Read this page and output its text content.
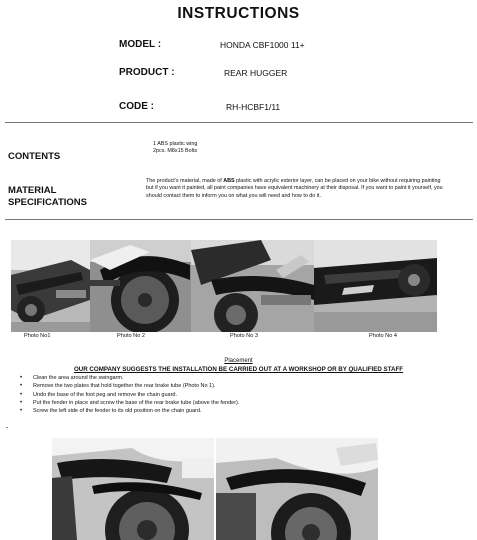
INSTRUCTIONS
MODEL :	HONDA CBF1000 11+
PRODUCT :	REAR HUGGER
CODE :	RH-HCBF1/11
CONTENTS
1 ABS plastic wing
2pcs. M8x15 Bolts
MATERIAL
SPECIFICATIONS
The product’s material, made of ABS plastic with acrylic exterior layer, can be placed on your bike without requiring painting but if you want it painted, all paint companies have equivalent machinery at their disposal. If you want to paint it yourself, you should contact them to inform you on what you will need and how to do it.
Photo No1	Photo No 2	Photo No 3	Photo No 4
Placement
OUR COMPANY SUGGESTS THE INSTALLATION BE CARRIED OUT AT A WORKSHOP OR BY QUALIFIED STAFF
• Clean the area around the swingarm.
• Remove the two plates that hold together the rear brake tube (Photo No 1).
• Undo the base of the foot peg and remove the chain guard.
• Put the fender in place and screw the base of the rear brake tube (above the fender).
• Screw the left side of the fender to its old position on the chain guard.
